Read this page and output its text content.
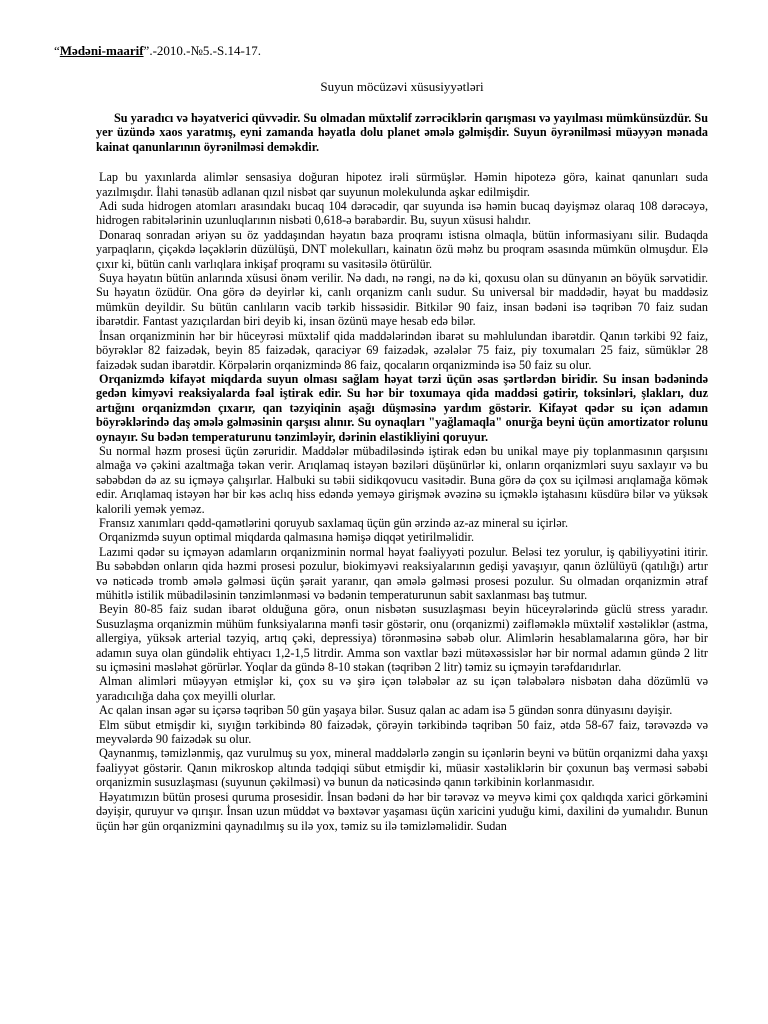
“Mədəni-maarif”.-2010.-№5.-S.14-17.
Suyun möcüzəvi xüsusiyyətləri

Su yaradıcı və həyatverici qüvvədir. Su olmadan müxtəlif zərrəciklərin qarışması və yayılması mümkünsüzdür. Su yer üzündə xaos yaratmış, eyni zamanda həyatla dolu planet əmələ gəlmişdir. Suyun öyrənilməsi müəyyən mənada kainat qanunlarının öyrənilməsi deməkdir.

Lap bu yaxınlarda alimlər sensasiya doğuran hipotez irəli sürmüşlər. Həmin hipotezə görə, kainat qanunları suda yazılmışdır. İlahi tənasüb adlanan qızıl nisbət qar suyunun molekulunda aşkar edilmişdir.

Adi suda hidrogen atomları arasındakı bucaq 104 dərəcədir, qar suyunda isə həmin bucaq dəyişməz olaraq 108 dərəcəyə, hidrogen rabitələrinin uzunluqlarının nisbəti 0,618-ə bərabərdir. Bu, suyun xüsusi halıdır.

Donaraq sonradan əriyən su öz yaddaşından həyatın baza proqramı istisna olmaqla, bütün informasiyanı silir. Budaqda yarpaqların, çiçəkdə ləçəklərin düzülüşü, DNT molekulları, kainatın özü məhz bu proqram əsasında mümkün olmuşdur. Elə çıxır ki, bütün canlı varlıqlara inkişaf proqramı su vasitəsilə ötürülür.

Suya həyatın bütün anlarında xüsusi önəm verilir. Nə dadı, nə rəngi, nə də ki, qoxusu olan su dünyanın ən böyük sərvətidir. Su həyatın özüdür. Ona görə də deyirlər ki, canlı orqanizm canlı sudur. Su universal bir maddədir, həyat bu maddəsiz mümkün deyildir. Su bütün canlıların vacib tərkib hissəsidir. Bitkilər 90 faiz, insan bədəni isə təqribən 70 faiz sudan ibarətdir. Fantast yazıçılardan biri deyib ki, insan özünü maye hesab edə bilər.

İnsan orqanizminin hər bir hüceyrəsi müxtəlif qida maddələrindən ibarət su məhlulundan ibarətdir. Qanın tərkibi 92 faiz, böyrəklər 82 faizədək, beyin 85 faizədək, qaraciyər 69 faizədək, əzələlər 75 faiz, piy toxumaları 25 faiz, sümüklər 28 faizədək sudan ibarətdir. Körpələrin orqanizmində 86 faiz, qocaların orqanizmində isə 50 faiz su olur.

Orqanizmdə kifayət miqdarda suyun olması sağlam həyat tərzi üçün əsas şərtlərdən biridir. Su insan bədənində gedən kimyəvi reaksiyalarda fəal iştirak edir. Su hər bir toxumaya qida maddəsi gətirir, toksinləri, şlakları, duz artığını orqanizmdən çıxarır, qan təzyiqinin aşağı düşməsinə yardım göstərir. Kifayət qədər su içən adamın böyrəklərində daş əmələ gəlməsinin qarşısı alınır. Su oynaqları "yağlamaqla" onurğa beyni üçün amortizator rolunu oynayır. Su bədən temperaturunu tənzimləyir, dərinin elastikliyini qoruyur.

Su normal həzm prosesi üçün zəruridir. Maddələr mübadiləsində iştirak edən bu unikal maye piy toplanmasının qarşısını almağa və çəkini azaltmağa təkan verir. Arıqlamaq istəyən bəziləri düşünürlər ki, onların orqanizmləri suyu saxlayır və bu səbəbdən də az su içməyə çalışırlar. Halbuki su təbii sidikqovucu vasitədir. Buna görə də çox su içilməsi arıqlamağa kömək edir. Arıqlamaq istəyən hər bir kəs aclıq hiss edəndə yeməyə girişmək əvəzinə su içməklə iştahasını küsdürə bilər və yüksək kalorili yemək yeməz.

Fransız xanımları qədd-qamətlərini qoruyub saxlamaq üçün gün ərzində az-az mineral su içirlər.

Orqanizmdə suyun optimal miqdarda qalmasına həmişə diqqət yetirilməlidir.

Lazımi qədər su içməyən adamların orqanizminin normal həyat fəaliyyəti pozulur. Beləsi tez yorulur, iş qabiliyyətini itirir. Bu səbəbdən onların qida həzmi prosesi pozulur, biokimyəvi reaksiyalarının gedişi yavaşıyır, qanın özlülüyü (qatılığı) artır və nəticədə tromb əmələ gəlməsi üçün şərait yaranır, qan əmələ gəlməsi prosesi pozulur. Su olmadan orqanizmin ətraf mühitlə istilik mübadiləsinin tənzimlənməsi və bədənin temperaturunun sabit saxlanması baş tutmur.

Beyin 80-85 faiz sudan ibarət olduğuna görə, onun nisbətən susuzlaşması beyin hüceyrələrində güclü stress yaradır. Susuzlaşma orqanizmin mühüm funksiyalarına mənfi təsir göstərir, onu (orqanizmi) zəifləməklə müxtəlif xəstəliklər (astma, allergiya, yüksək arterial təzyiq, artıq çəki, depressiya) törənməsinə səbəb olur. Alimlərin hesablamalarına görə, hər bir adamın suya olan gündəlik ehtiyacı 1,2-1,5 litrdir. Amma son vaxtlar bəzi mütəxəssislər hər bir normal adamın gündə 2 litr su içməsini məsləhət görürlər. Yoqlar da gündə 8-10 stəkan (təqribən 2 litr) təmiz su içməyin tərəfdarıdırlar.

Alman alimləri müəyyən etmişlər ki, çox su və şirə içən tələbələr az su içən tələbələrə nisbətən daha dözümlü və yaradıcılığa daha çox meyilli olurlar.

Ac qalan insan əgər su içərsə təqribən 50 gün yaşaya bilər. Susuz qalan ac adam isə 5 gündən sonra dünyasını dəyişir.

Elm sübut etmişdir ki, sıyığın tərkibində 80 faizədək, çörəyin tərkibində təqribən 50 faiz, ətdə 58-67 faiz, tərəvəzdə və meyvələrdə 90 faizədək su olur.

Qaynanmış, təmizlənmiş, qaz vurulmuş su yox, mineral maddələrlə zəngin su içənlərin beyni və bütün orqanizmi daha yaxşı fəaliyyət göstərir. Qanın mikroskop altında tədqiqi sübut etmişdir ki, müasir xəstəliklərin bir çoxunun baş verməsi səbəbi orqanizmin susuzlaşması (suyunun çəkilməsi) və bunun da nəticəsində qanın tərkibinin korlanmasıdır.

Həyatımızın bütün prosesi quruma prosesidir. İnsan bədəni də hər bir tərəvəz və meyvə kimi çox qaldıqda xarici görkəmini dəyişir, quruyur və qırışır. İnsan uzun müddət və bəxtəvər yaşaması üçün xaricini yuduğu kimi, daxilini də yumalıdır. Bunun üçün hər gün orqanizmini qaynadılmış su ilə yox, təmiz su ilə təmizləməlidir. Sudan
